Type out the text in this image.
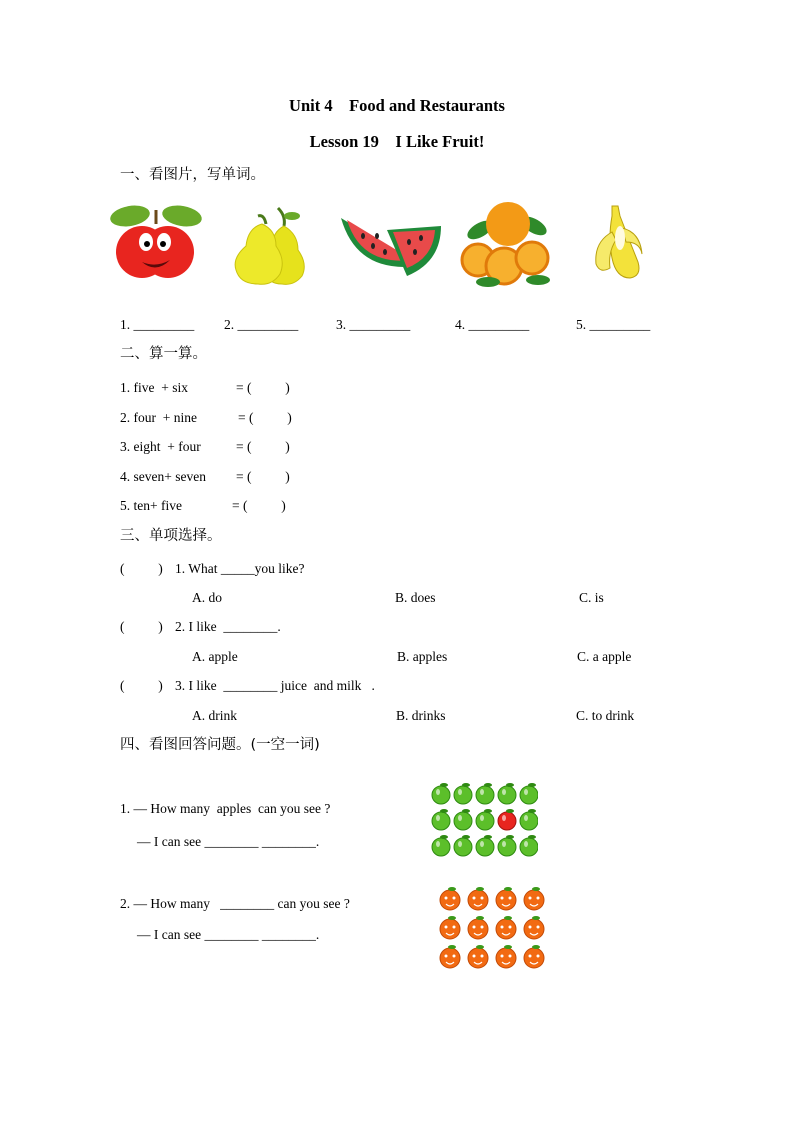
Unit 4　Food and Restaurants
Lesson 19　I Like Fruit!
一、看图片，写单词。
1. _________ 2. _________	3. _________	4. _________	5. _________
二、算一算。
1. five  + six	= (          )
2. four  + nine	= (          )
3. eight  + four	= (          )
4. seven+ seven = (          )
5. ten+ five	= (          )
三、单项选择。
(          ) 1. What _____you like?
A. do	B. does	C. is
(          ) 2. I like  ________.
A. apple	B. apples	C. a apple
(          ) 3. I like  ________ juice  and milk   .
A. drink	B. drinks	C. to drink
四、看图回答问题。(一空一词)
1. — How many  apples  can you see ?
— I can see ________ ________.
2. — How many   ________ can you see ?
— I can see ________ ________.
